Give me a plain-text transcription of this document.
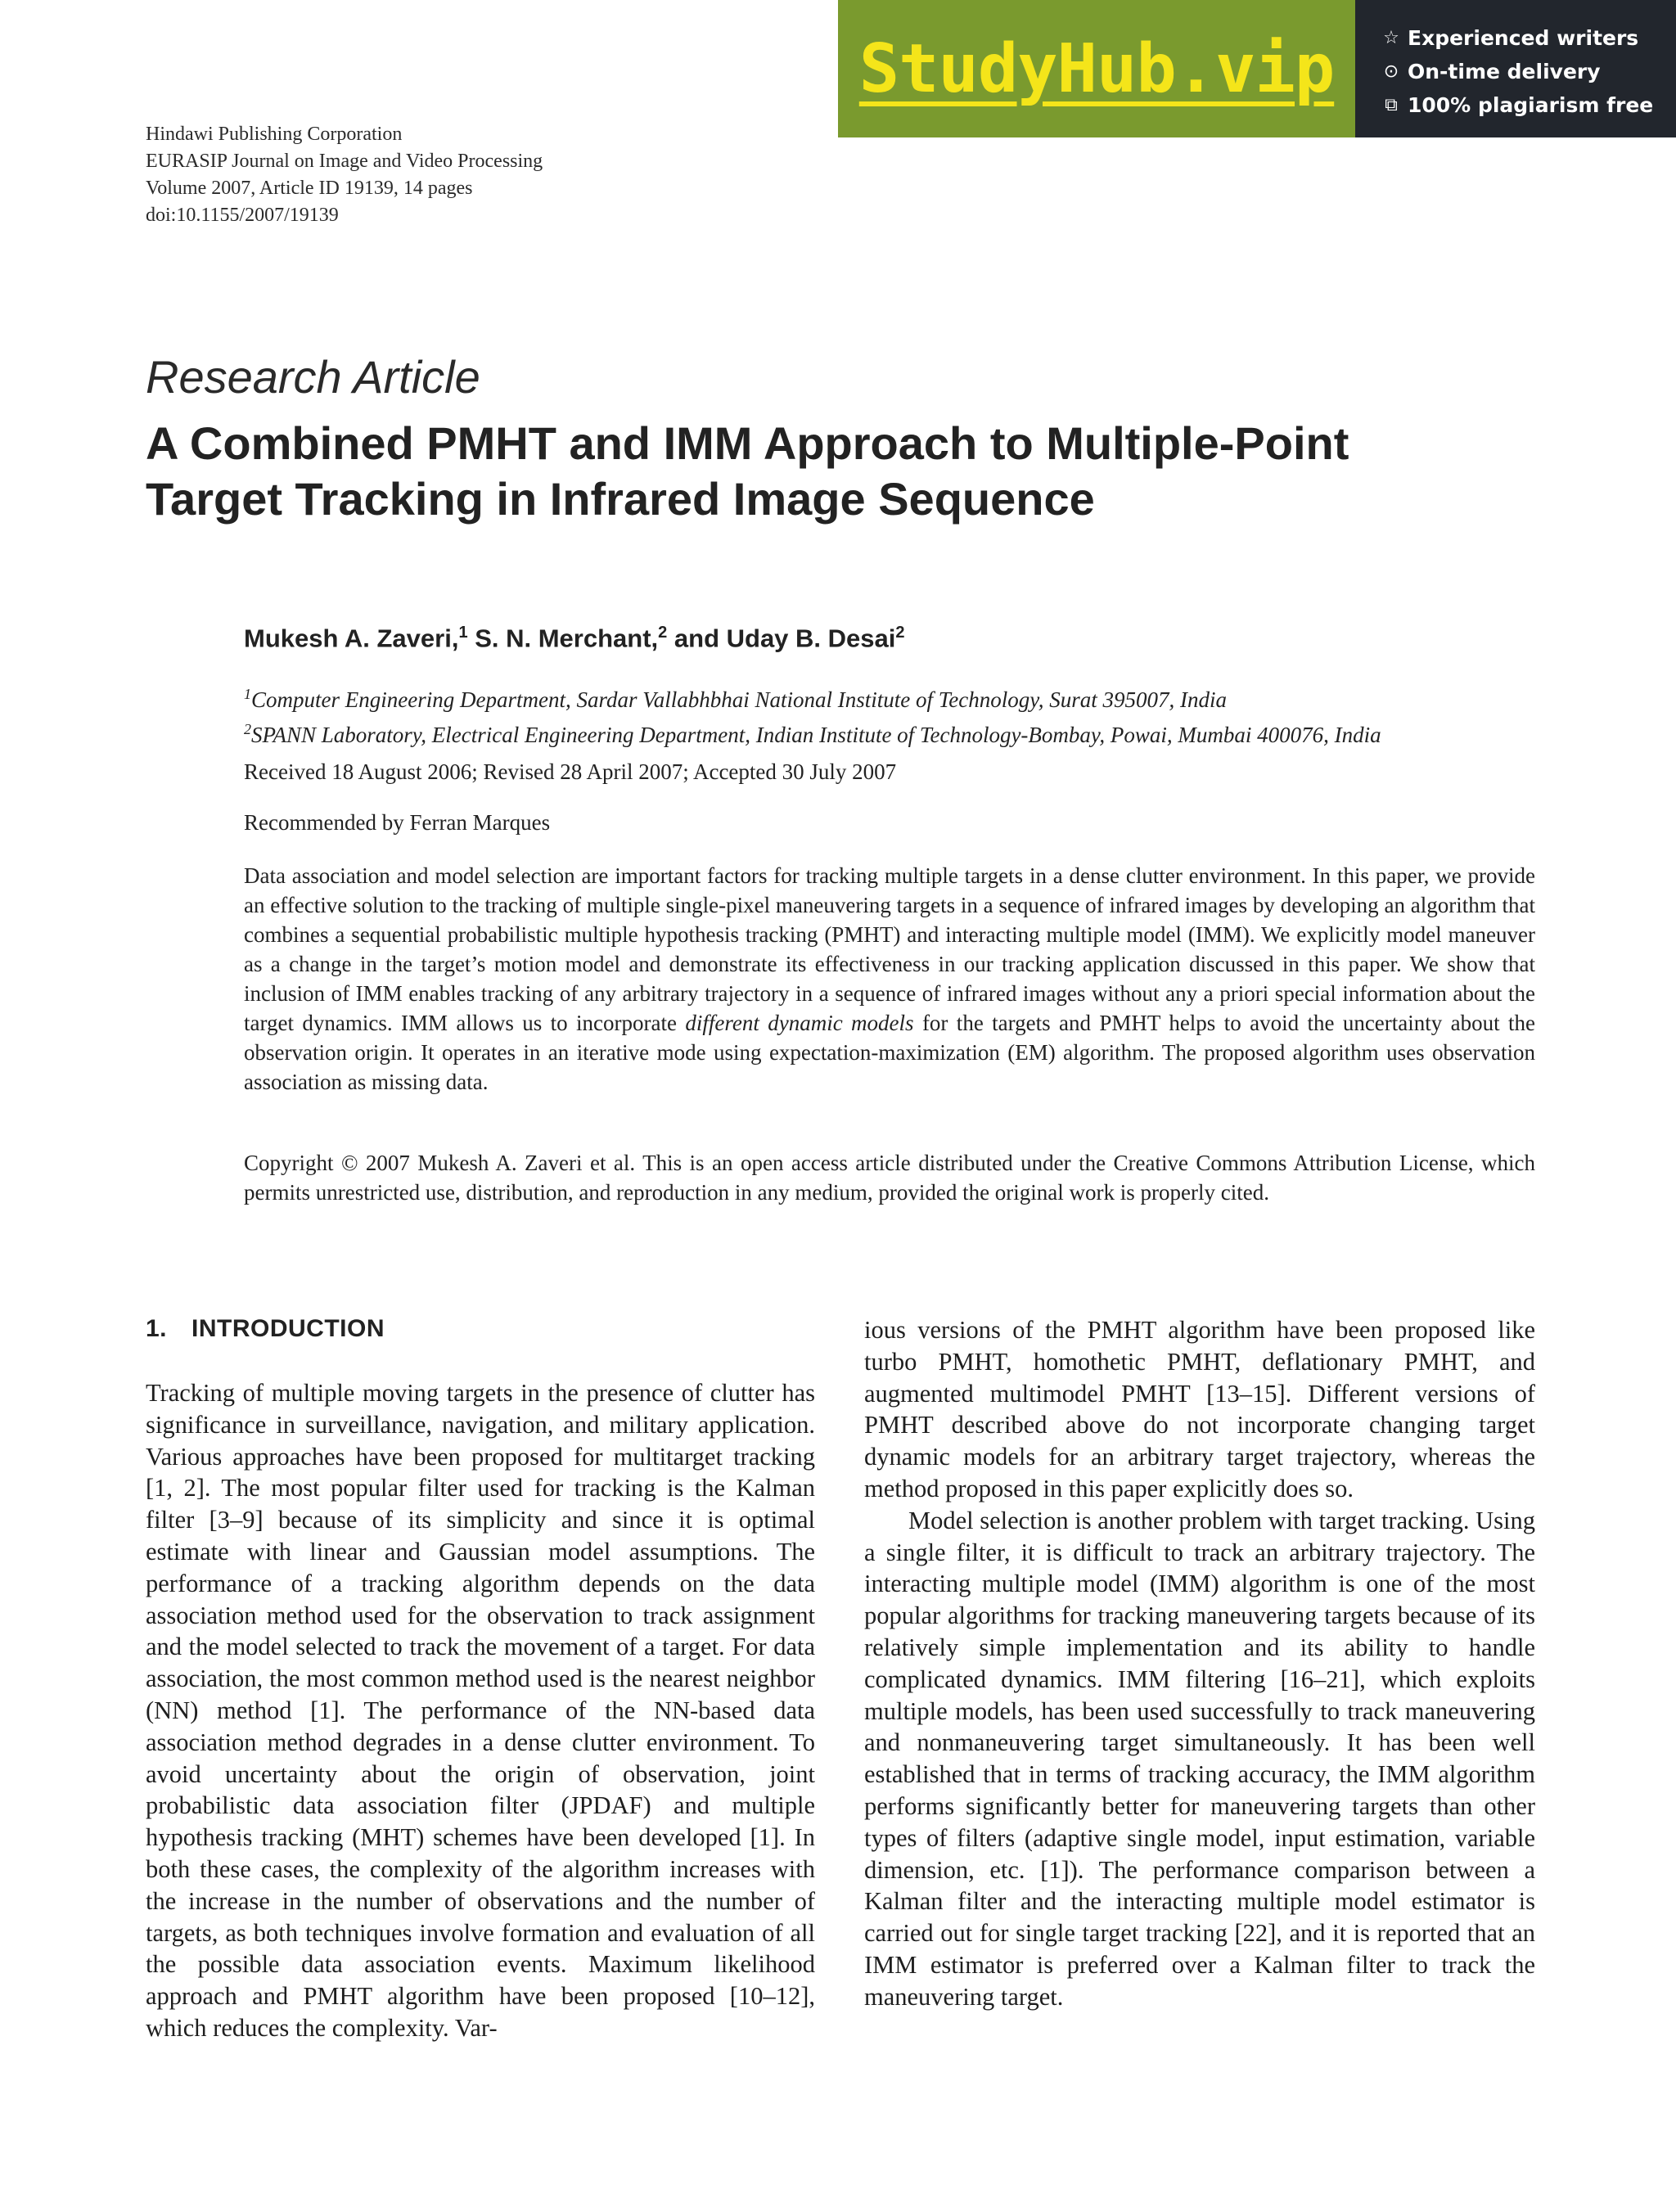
StudyHub.vip	☆ Experienced writers
⊙ On-time delivery
⧉ 100% plagiarism free
Hindawi Publishing Corporation
EURASIP Journal on Image and Video Processing
Volume 2007, Article ID 19139, 14 pages
doi:10.1155/2007/19139
Research Article
A Combined PMHT and IMM Approach to Multiple-Point
Target Tracking in Infrared Image Sequence
Mukesh A. Zaveri,$^1$ S. N. Merchant,$^2$ and Uday B. Desai$^2$
$^1$Computer Engineering Department, Sardar Vallabhbhai National Institute of Technology, Surat 395007, India
$^2$SPANN Laboratory, Electrical Engineering Department, Indian Institute of Technology-Bombay, Powai, Mumbai 400076, India
Received 18 August 2006; Revised 28 April 2007; Accepted 30 July 2007
Recommended by Ferran Marques
Data association and model selection are important factors for tracking multiple targets in a dense clutter environment. In this paper, we provide an effective solution to the tracking of multiple single-pixel maneuvering targets in a sequence of infrared images by developing an algorithm that combines a sequential probabilistic multiple hypothesis tracking (PMHT) and interacting multiple model (IMM). We explicitly model maneuver as a change in the target’s motion model and demonstrate its effectiveness in our tracking application discussed in this paper. We show that inclusion of IMM enables tracking of any arbitrary trajectory in a sequence of infrared images without any a priori special information about the target dynamics. IMM allows us to incorporate different dynamic models for the targets and PMHT helps to avoid the uncertainty about the observation origin. It operates in an iterative mode using expectation-maximization (EM) algorithm. The proposed algorithm uses observation association as missing data.
Copyright © 2007 Mukesh A. Zaveri et al. This is an open access article distributed under the Creative Commons Attribution License, which permits unrestricted use, distribution, and reproduction in any medium, provided the original work is properly cited.
1. INTRODUCTION

Tracking of multiple moving targets in the presence of clutter has significance in surveillance, navigation, and military application. Various approaches have been proposed for multitarget tracking [1, 2]. The most popular filter used for tracking is the Kalman filter [3–9] because of its simplicity and since it is optimal estimate with linear and Gaussian model assumptions. The performance of a tracking algorithm depends on the data association method used for the observation to track assignment and the model selected to track the movement of a target. For data association, the most common method used is the nearest neighbor (NN) method [1]. The performance of the NN-based data association method degrades in a dense clutter environment. To avoid uncertainty about the origin of observation, joint probabilistic data association filter (JPDAF) and multiple hypothesis tracking (MHT) schemes have been developed [1]. In both these cases, the complexity of the algorithm increases with the increase in the number of observations and the number of targets, as both techniques involve formation and evaluation of all the possible data association events. Maximum likelihood approach and PMHT algorithm have been proposed [10–12], which reduces the complexity. Var-

ious versions of the PMHT algorithm have been proposed like turbo PMHT, homothetic PMHT, deflationary PMHT, and augmented multimodel PMHT [13–15]. Different versions of PMHT described above do not incorporate changing target dynamic models for an arbitrary target trajectory, whereas the method proposed in this paper explicitly does so.

Model selection is another problem with target tracking. Using a single filter, it is difficult to track an arbitrary trajectory. The interacting multiple model (IMM) algorithm is one of the most popular algorithms for tracking maneuvering targets because of its relatively simple implementation and its ability to handle complicated dynamics. IMM filtering [16–21], which exploits multiple models, has been used successfully to track maneuvering and nonmaneuvering target simultaneously. It has been well established that in terms of tracking accuracy, the IMM algorithm performs significantly better for maneuvering targets than other types of filters (adaptive single model, input estimation, variable dimension, etc. [1]). The performance comparison between a Kalman filter and the interacting multiple model estimator is carried out for single target tracking [22], and it is reported that an IMM estimator is preferred over a Kalman filter to track the maneuvering target.
